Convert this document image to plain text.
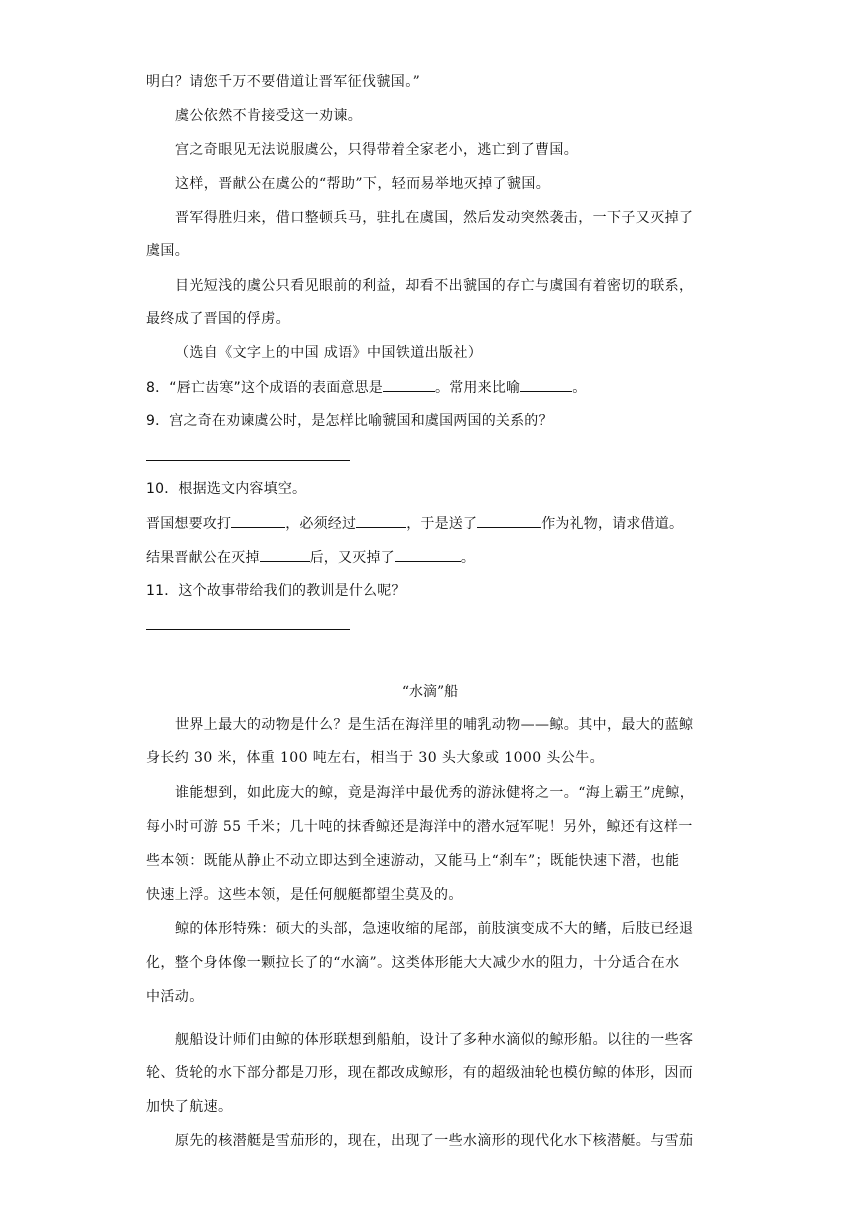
明白？请您千万不要借道让晋军征伐虢国。”
虞公依然不肯接受这一劝谏。
宫之奇眼见无法说服虞公，只得带着全家老小，逃亡到了曹国。
这样，晋献公在虞公的“帮助”下，轻而易举地灭掉了虢国。
晋军得胜归来，借口整顿兵马，驻扎在虞国，然后发动突然袭击，一下子又灭掉了
虞国。
目光短浅的虞公只看见眼前的利益，却看不出虢国的存亡与虞国有着密切的联系，
最终成了晋国的俘虏。
（选自《文字上的中国 成语》中国铁道出版社）
8．“唇亡齿寒”这个成语的表面意思是	。常用来比喻	。
9．宫之奇在劝谏虞公时，是怎样比喻虢国和虞国两国的关系的？
10．根据选文内容填空。
晋国想要攻打	，必须经过	，于是送了	作为礼物，请求借道。
结果晋献公在灭掉	后，又灭掉了	。
11．这个故事带给我们的教训是什么呢？
“水滴”船
世界上最大的动物是什么？是生活在海洋里的哺乳动物——鲸。其中，最大的蓝鲸
身长约 30 米，体重 100 吨左右，相当于 30 头大象或 1000 头公牛。
谁能想到，如此庞大的鲸，竟是海洋中最优秀的游泳健将之一。“海上霸王”虎鲸，
每小时可游 55 千米；几十吨的抹香鲸还是海洋中的潜水冠军呢！另外，鲸还有这样一
些本领：既能从静止不动立即达到全速游动，又能马上“刹车”；既能快速下潜，也能
快速上浮。这些本领，是任何舰艇都望尘莫及的。
鲸的体形特殊：硕大的头部，急速收缩的尾部，前肢演变成不大的鳍，后肢已经退
化，整个身体像一颗拉长了的“水滴”。这类体形能大大减少水的阻力，十分适合在水
中活动。
舰船设计师们由鲸的体形联想到船舶，设计了多种水滴似的鲸形船。以往的一些客
轮、货轮的水下部分都是刀形，现在都改成鲸形，有的超级油轮也模仿鲸的体形，因而
加快了航速。
原先的核潜艇是雪茄形的，现在，出现了一些水滴形的现代化水下核潜艇。与雪茄
